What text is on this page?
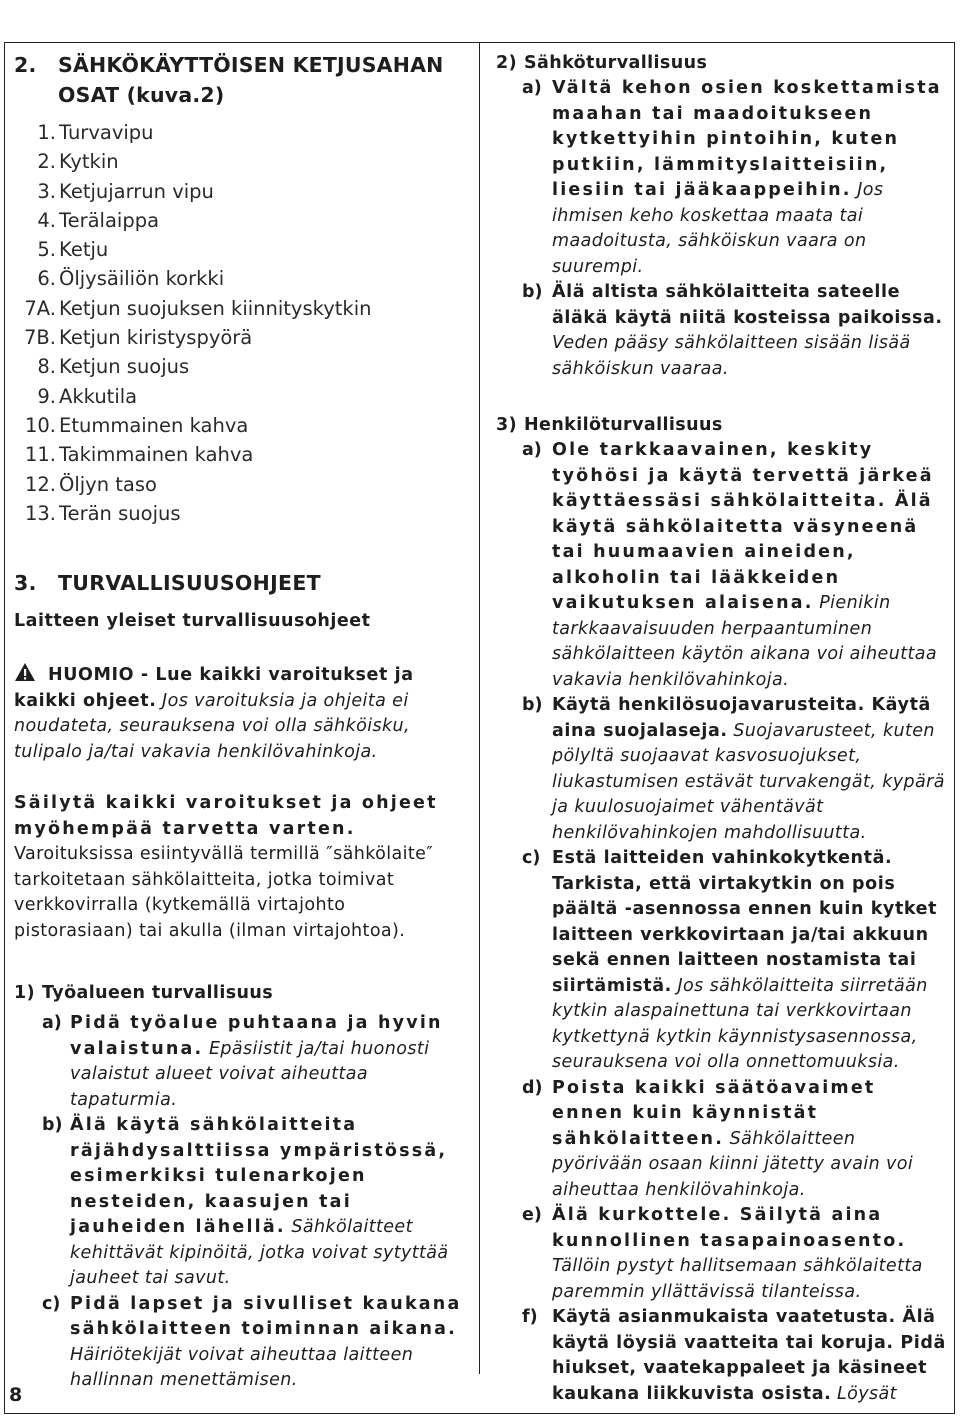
8
2. SÄHKÖKÄYTTÖISEN KETJUSAHAN
OSAT (kuva.2)
1. Turvavipu
2. Kytkin
3. Ketjujarrun vipu
4. Terälaippa
5. Ketju
6. Öljysäiliön korkki
7A. Ketjun suojuksen kiinnityskytkin
7B. Ketjun kiristyspyörä
8. Ketjun suojus
9. Akkutila
10. Etummainen kahva
11. Takimmainen kahva
12. Öljyn taso
13. Terän suojus
3. TURVALLISUUSOHJEET
Laitteen yleiset turvallisuusohjeet
HUOMIO - Lue kaikki varoitukset ja kaikki ohjeet. Jos varoituksia ja ohjeita ei noudateta, seurauksena voi olla sähköisku, tulipalo ja/tai vakavia henkilövahinkoja.
Säilytä kaikki varoitukset ja ohjeet myöhempää tarvetta varten. Varoituksissa esiintyvällä termillä ″sähkölaite″ tarkoitetaan sähkölaitteita, jotka toimivat verkkovirralla (kytkemällä virtajohto pistorasiaan) tai akulla (ilman virtajohtoa).
1) Työalueen turvallisuus
a) Pidä työalue puhtaana ja hyvin valaistuna. Epäsiistit ja/tai huonosti valaistut alueet voivat aiheuttaa tapaturmia.
b) Älä käytä sähkölaitteita räjähdysalttiissa ympäristössä, esimerkiksi tulenarkojen nesteiden, kaasujen tai jauheiden lähellä. Sähkölaitteet kehittävät kipinöitä, jotka voivat sytyttää jauheet tai savut.
c) Pidä lapset ja sivulliset kaukana sähkölaitteen toiminnan aikana. Häiriötekijät voivat aiheuttaa laitteen hallinnan menettämisen.
2) Sähköturvallisuus
a) Vältä kehon osien koskettamista maahan tai maadoitukseen kytkettyihin pintoihin, kuten putkiin, lämmityslaitteisiin, liesiin tai jääkaappeihin. Jos ihmisen keho koskettaa maata tai maadoitusta, sähköiskun vaara on suurempi.
b) Älä altista sähkölaitteita sateelle äläkä käytä niitä kosteissa paikoissa. Veden pääsy sähkölaitteen sisään lisää sähköiskun vaaraa.
3) Henkilöturvallisuus
a) Ole tarkkaavainen, keskity työhösi ja käytä tervettä järkeä käyttäessäsi sähkölaitteita. Älä käytä sähkölaitetta väsyneenä tai huumaavien aineiden, alkoholin tai lääkkeiden vaikutuksen alaisena. Pienikin tarkkaavaisuuden herpaantuminen sähkölaitteen käytön aikana voi aiheuttaa vakavia henkilövahinkoja.
b) Käytä henkilösuojavarusteita. Käytä aina suojalaseja. Suojavarusteet, kuten pölyltä suojaavat kasvosuojukset, liukastumisen estävät turvakengät, kypärä ja kuulosuojaimet vähentävät henkilövahinkojen mahdollisuutta.
c) Estä laitteiden vahinkokytkentä. Tarkista, että virtakytkin on pois päältä -asennossa ennen kuin kytket laitteen verkkovirtaan ja/tai akkuun sekä ennen laitteen nostamista tai siirtämistä. Jos sähkölaitteita siirretään kytkin alaspainettuna tai verkkovirtaan kytkettynä kytkin käynnistysasennossa, seurauksena voi olla onnettomuuksia.
d) Poista kaikki säätöavaimet ennen kuin käynnistät sähkölaitteen. Sähkölaitteen pyörivään osaan kiinni jätetty avain voi aiheuttaa henkilövahinkoja.
e) Älä kurkottele. Säilytä aina kunnollinen tasapainoasento. Tällöin pystyt hallitsemaan sähkölaitetta paremmin yllättävissä tilanteissa.
f) Käytä asianmukaista vaatetusta. Älä käytä löysiä vaatteita tai koruja. Pidä hiukset, vaatekappaleet ja käsineet kaukana liikkuvista osista. Löysät
